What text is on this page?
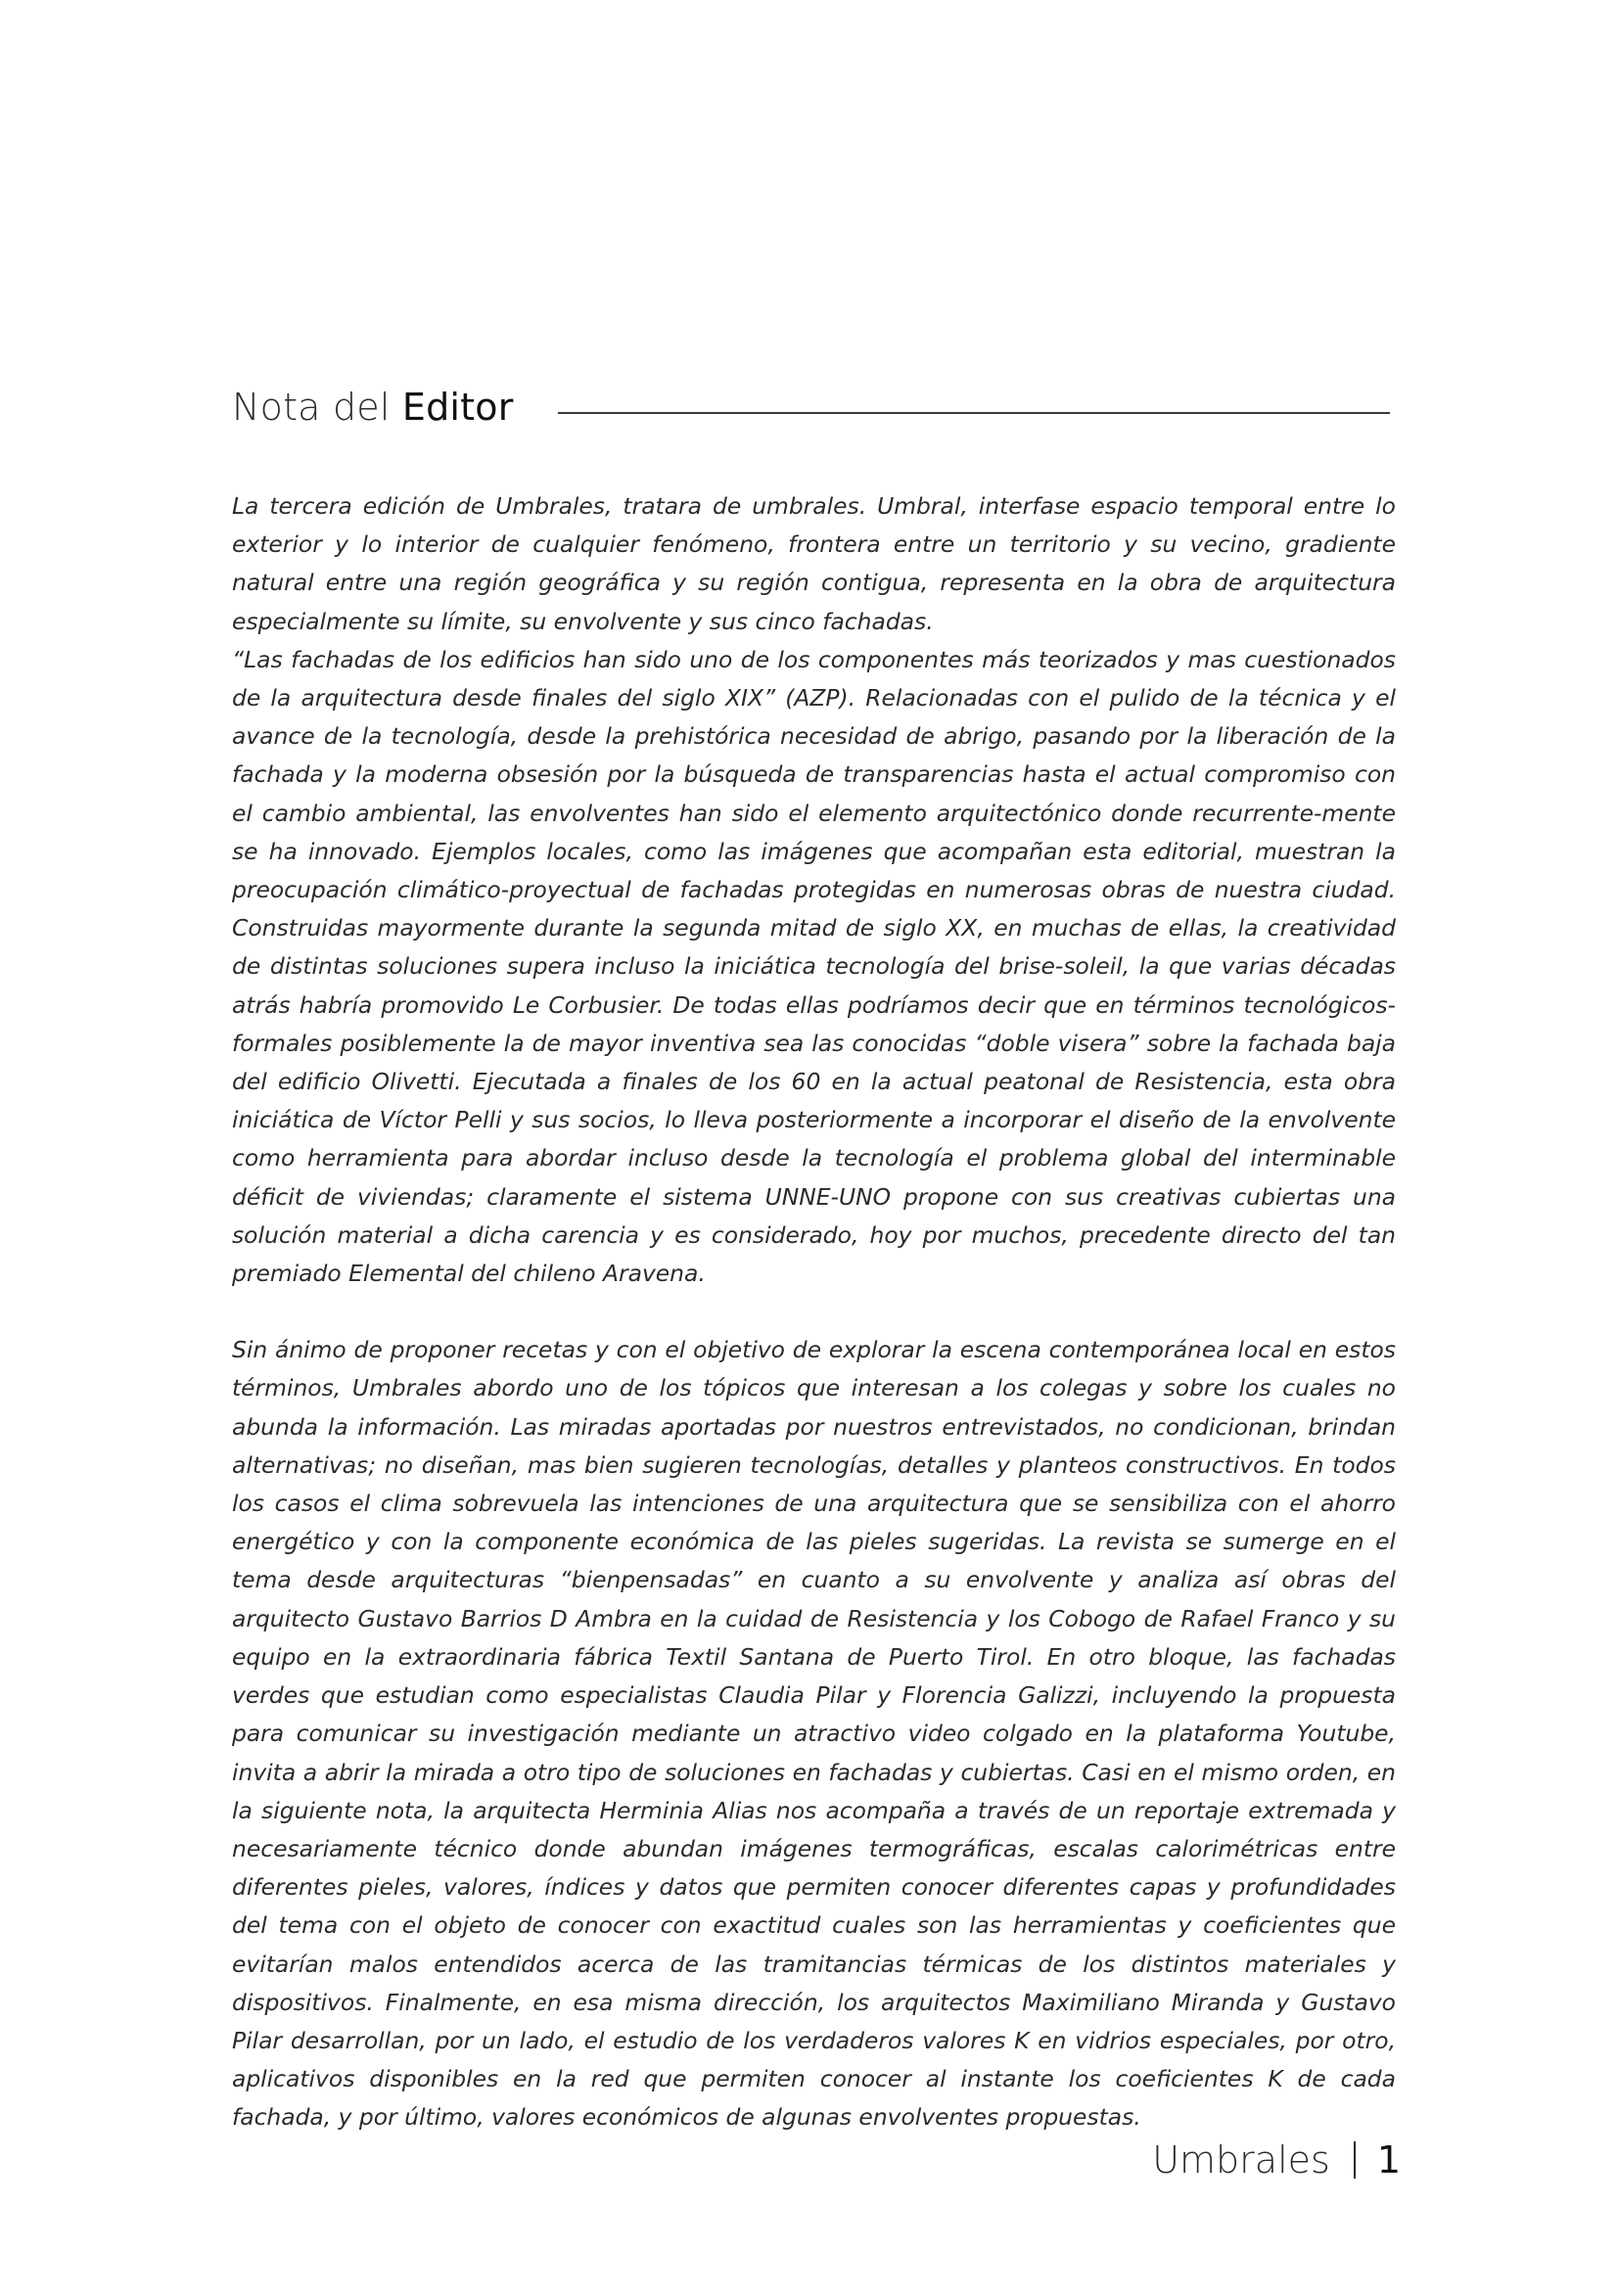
Nota del Editor

La tercera edición de Umbrales, tratara de umbrales. Umbral, interfase espacio temporal entre lo exterior y lo interior de cualquier fenómeno, frontera entre un territorio y su vecino, gradiente natural entre una región geográfica y su región contigua, representa en la obra de arquitectura especialmente su límite, su envolvente y sus cinco fachadas.

“Las fachadas de los edificios han sido uno de los componentes más teorizados y mas cuestionados de la arquitectura desde finales del siglo XIX” (AZP). Relacionadas con el pulido de la técnica y el avance de la tecnología, desde la prehistórica necesidad de abrigo, pasando por la liberación de la fachada y la moderna obsesión por la búsqueda de transparencias hasta el actual compromiso con el cambio ambiental, las envolventes han sido el elemento arquitectónico donde recurrente-mente se ha innovado. Ejemplos locales, como las imágenes que acompañan esta editorial, muestran la preocupación climático-proyectual de fachadas protegidas en numerosas obras de nuestra ciudad. Construidas mayormente durante la segunda mitad de siglo XX, en muchas de ellas, la creatividad de distintas soluciones supera incluso la iniciática tecnología del brise-soleil, la que varias décadas atrás habría promovido Le Corbusier. De todas ellas podríamos decir que en términos tecnológicos-formales posiblemente la de mayor inventiva sea las conocidas “doble visera” sobre la fachada baja del edificio Olivetti. Ejecutada a finales de los 60 en la actual peatonal de Resistencia, esta obra iniciática de Víctor Pelli y sus socios, lo lleva posteriormente a incorporar el diseño de la envolvente como herramienta para abordar incluso desde la tecnología el problema global del interminable déficit de viviendas; claramente el sistema UNNE-UNO propone con sus creativas cubiertas una solución material a dicha carencia y es considerado, hoy por muchos, precedente directo del tan premiado Elemental del chileno Aravena.

Sin ánimo de proponer recetas y con el objetivo de explorar la escena contemporánea local en estos términos, Umbrales abordo uno de los tópicos que interesan a los colegas y sobre los cuales no abunda la información. Las miradas aportadas por nuestros entrevistados, no condicionan, brindan alternativas; no diseñan, mas bien sugieren tecnologías, detalles y planteos constructivos. En todos los casos el clima sobrevuela las intenciones de una arquitectura que se sensibiliza con el ahorro energético y con la componente económica de las pieles sugeridas. La revista se sumerge en el tema desde arquitecturas “bienpensadas” en cuanto a su envolvente y analiza así obras del arquitecto Gustavo Barrios D Ambra en la cuidad de Resistencia y los Cobogo de Rafael Franco y su equipo en la extraordinaria fábrica Textil Santana de Puerto Tirol. En otro bloque, las fachadas verdes que estudian como especialistas Claudia Pilar y Florencia Galizzi, incluyendo la propuesta para comunicar su investigación mediante un atractivo video colgado en la plataforma Youtube, invita a abrir la mirada a otro tipo de soluciones en fachadas y cubiertas. Casi en el mismo orden, en la siguiente nota, la arquitecta Herminia Alias nos acompaña a través de un reportaje extremada y necesariamente técnico donde abundan imágenes termográficas, escalas calorimétricas entre diferentes pieles, valores, índices y datos que permiten conocer diferentes capas y profundidades del tema con el objeto de conocer con exactitud cuales son las herramientas y coeficientes que evitarían malos entendidos acerca de las tramitancias térmicas de los distintos materiales y dispositivos. Finalmente, en esa misma dirección, los arquitectos Maximiliano Miranda y Gustavo Pilar desarrollan, por un lado, el estudio de los verdaderos valores K en vidrios especiales, por otro, aplicativos disponibles en la red que permiten conocer al instante los coeficientes K de cada fachada, y por último, valores económicos de algunas envolventes propuestas.

Umbrales 1
